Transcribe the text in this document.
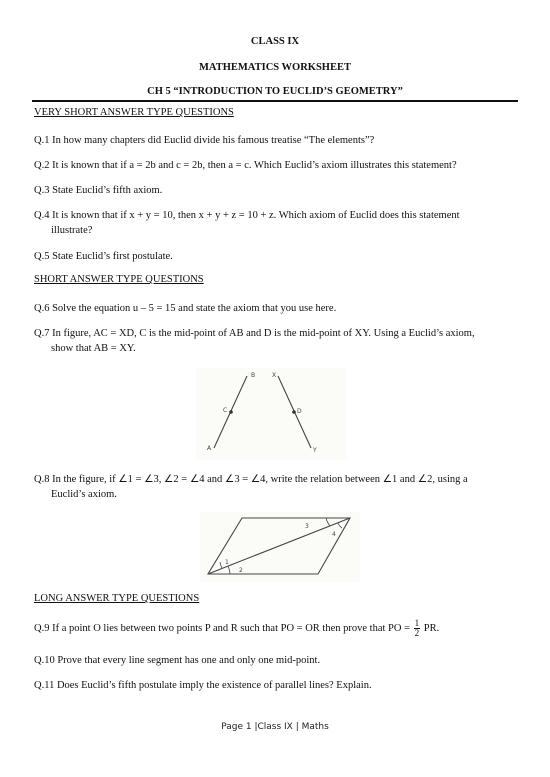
CLASS IX
MATHEMATICS WORKSHEET
CH 5 “INTRODUCTION TO EUCLID’S GEOMETRY”
VERY SHORT ANSWER TYPE QUESTIONS
Q.1 In how many chapters did Euclid divide his famous treatise “The elements”?
Q.2 It is known that if a = 2b and c = 2b, then a = c. Which Euclid’s axiom illustrates this statement?
Q.3 State Euclid’s fifth axiom.
Q.4 It is known that if x + y = 10, then x + y + z = 10 + z. Which axiom of Euclid does this statement
illustrate?
Q.5 State Euclid’s first postulate.
SHORT ANSWER TYPE QUESTIONS
Q.6 Solve the equation u – 5 = 15 and state the axiom that you use here.
Q.7 In figure, AC = XD, C is the mid-point of AB and D is the mid-point of XY. Using a Euclid’s axiom,
show that AB = XY.
B	X
C	D
A	Y
Q.8 In the figure, if ∠1 = ∠3, ∠2 = ∠4 and ∠3 = ∠4, write the relation between ∠1 and ∠2, using a
Euclid’s axiom.
1
2
3
4
LONG ANSWER TYPE QUESTIONS
Q.9 If a point O lies between two points P and R such that PO = OR then prove that PO = $\frac{1}{2}$ PR.
Q.10 Prove that every line segment has one and only one mid-point.
Q.11 Does Euclid’s fifth postulate imply the existence of parallel lines? Explain.
Page 1 |Class IX | Maths
